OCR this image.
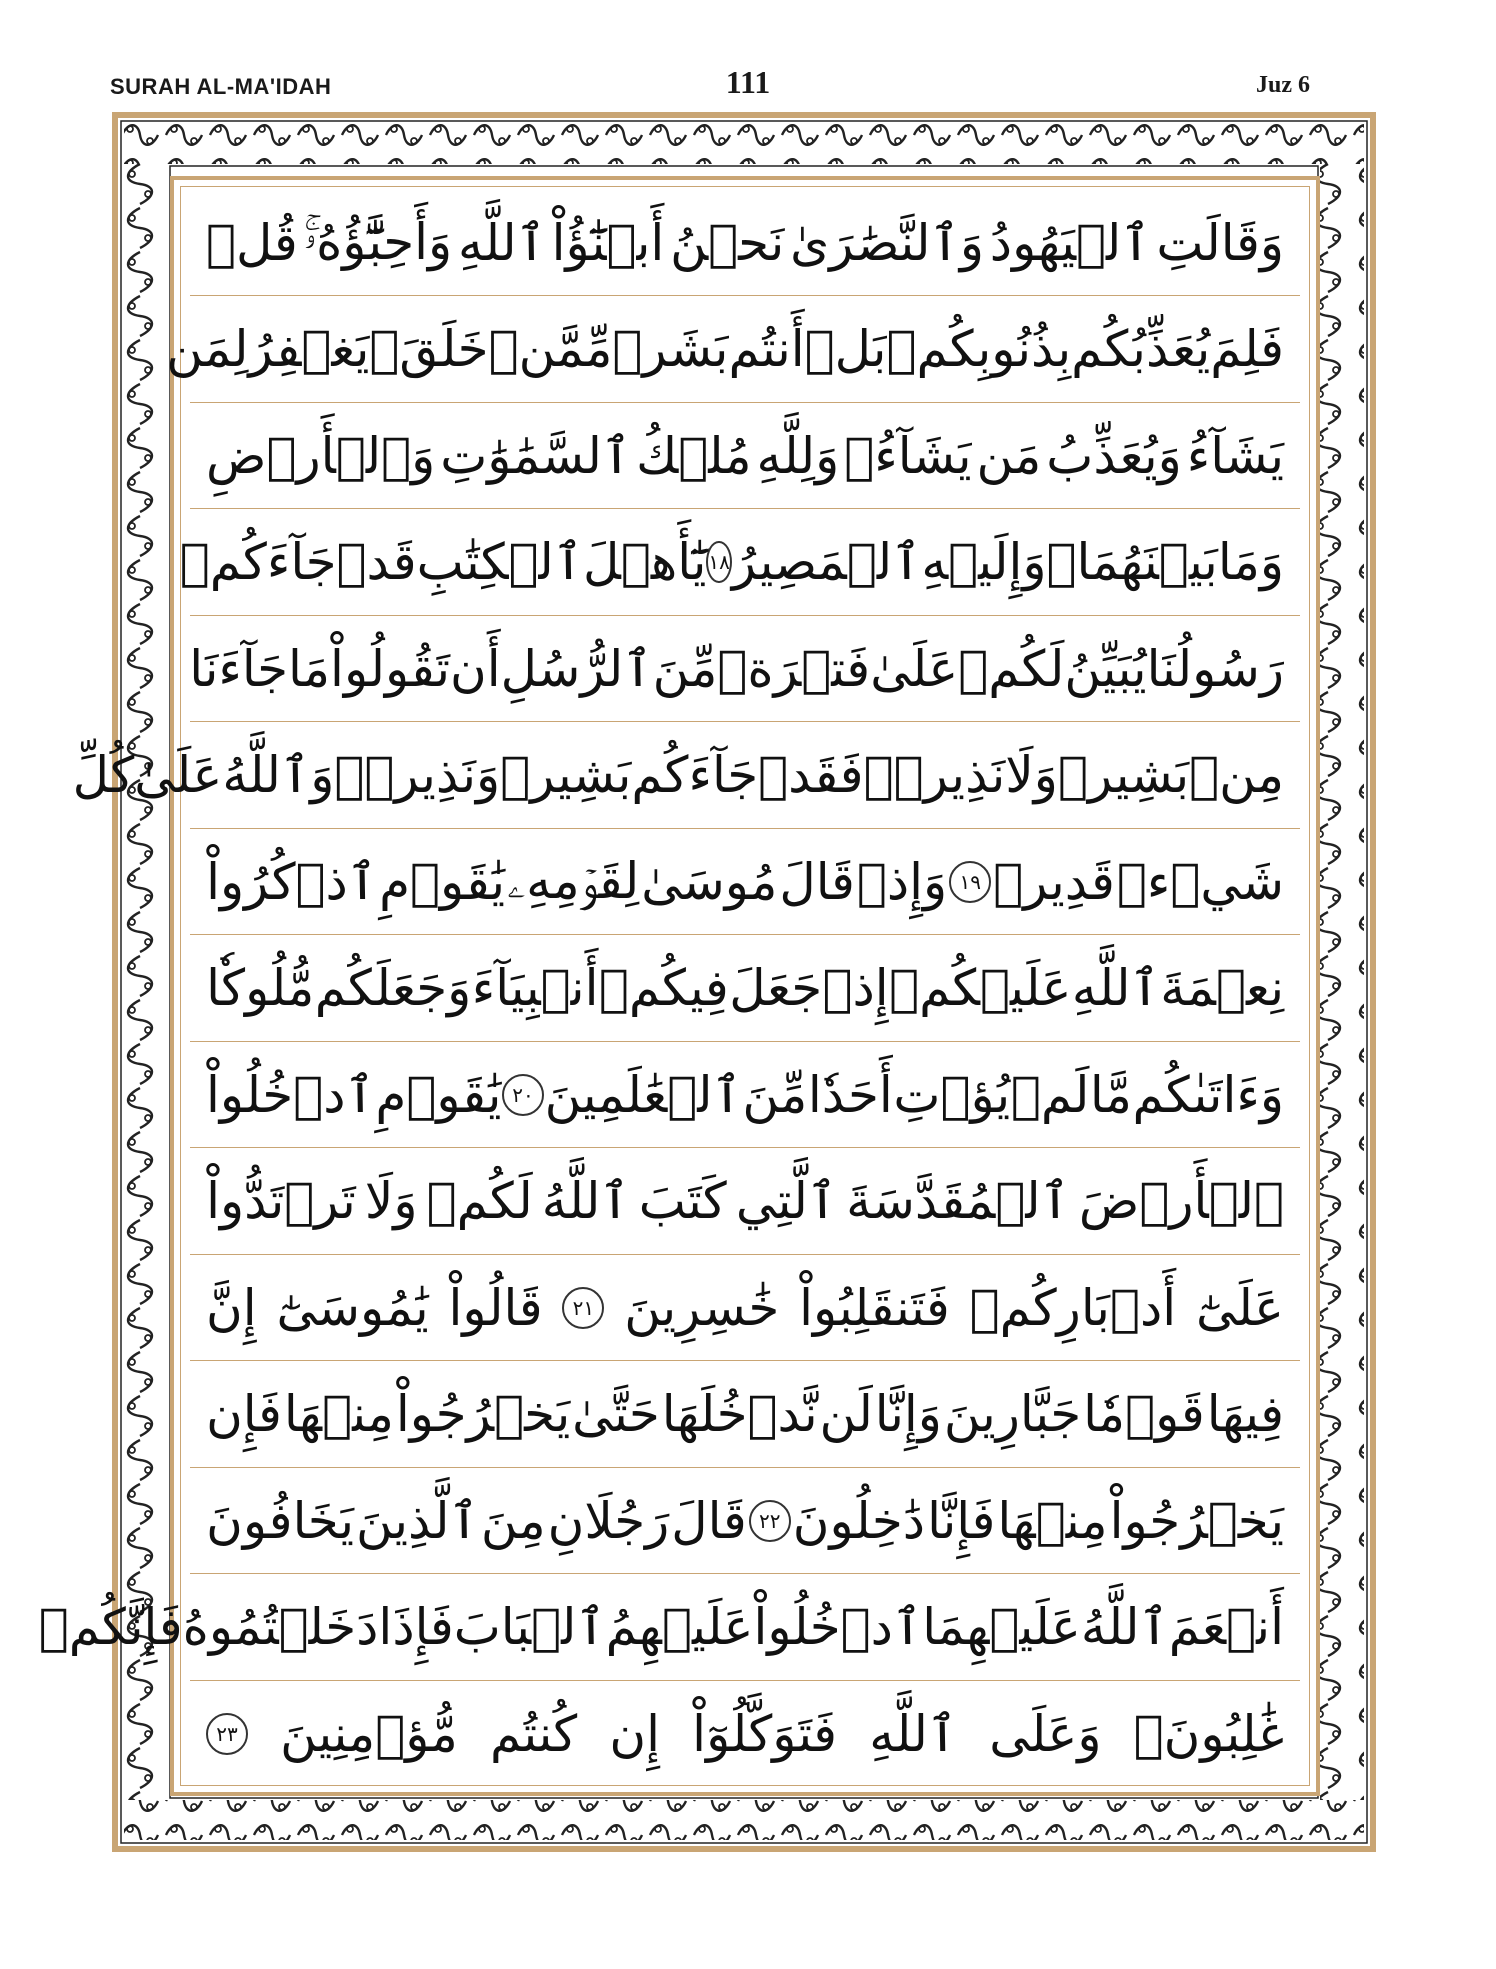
SURAH AL-MA'IDAH	111	Juz 6
وَقَالَتِ
ٱلۡيَهُودُ
وَٱلنَّصَٰرَىٰ
نَحۡنُ
أَبۡنَٰٓؤُاْ
ٱللَّهِ
وَأَحِبَّٰٓؤُهُۥۚ
قُلۡ
فَلِمَ
يُعَذِّبُكُم
بِذُنُوبِكُمۖ
بَلۡ
أَنتُم
بَشَرٞ
مِّمَّنۡ
خَلَقَۚ
يَغۡفِرُ
لِمَن
يَشَآءُ
وَيُعَذِّبُ
مَن
يَشَآءُۚ
وَلِلَّهِ
مُلۡكُ
ٱلسَّمَٰوَٰتِ
وَٱلۡأَرۡضِ
وَمَا
بَيۡنَهُمَاۖ
وَإِلَيۡهِ
ٱلۡمَصِيرُ
١٨
يَٰٓأَهۡلَ
ٱلۡكِتَٰبِ
قَدۡ
جَآءَكُمۡ
رَسُولُنَا
يُبَيِّنُ
لَكُمۡ
عَلَىٰ
فَتۡرَةٖ
مِّنَ
ٱلرُّسُلِ
أَن
تَقُولُواْ
مَا
جَآءَنَا
مِنۢ
بَشِيرٖ
وَلَا
نَذِيرٖۖ
فَقَدۡ
جَآءَكُم
بَشِيرٞ
وَنَذِيرٞۗ
وَٱللَّهُ
عَلَىٰ
كُلِّ
شَيۡءٖ
قَدِيرٞ
١٩
وَإِذۡ
قَالَ
مُوسَىٰ
لِقَوۡمِهِۦ
يَٰقَوۡمِ
ٱذۡكُرُواْ
نِعۡمَةَ
ٱللَّهِ
عَلَيۡكُمۡ
إِذۡ
جَعَلَ
فِيكُمۡ
أَنۢبِيَآءَ
وَجَعَلَكُم
مُّلُوكٗا
وَءَاتَىٰكُم
مَّا
لَمۡ
يُؤۡتِ
أَحَدٗا
مِّنَ
ٱلۡعَٰلَمِينَ
٢٠
يَٰقَوۡمِ
ٱدۡخُلُواْ
ٱلۡأَرۡضَ
ٱلۡمُقَدَّسَةَ
ٱلَّتِي
كَتَبَ
ٱللَّهُ
لَكُمۡ
وَلَا
تَرۡتَدُّواْ
عَلَىٰٓ
أَدۡبَارِكُمۡ
فَتَنقَلِبُواْ
خَٰسِرِينَ
٢١
قَالُواْ
يَٰمُوسَىٰٓ
إِنَّ
فِيهَا
قَوۡمٗا
جَبَّارِينَ
وَإِنَّا
لَن
نَّدۡخُلَهَا
حَتَّىٰ
يَخۡرُجُواْ
مِنۡهَا
فَإِن
يَخۡرُجُواْ
مِنۡهَا
فَإِنَّا
دَٰخِلُونَ
٢٢
قَالَ
رَجُلَانِ
مِنَ
ٱلَّذِينَ
يَخَافُونَ
أَنۡعَمَ
ٱللَّهُ
عَلَيۡهِمَا
ٱدۡخُلُواْ
عَلَيۡهِمُ
ٱلۡبَابَ
فَإِذَا
دَخَلۡتُمُوهُ
فَإِنَّكُمۡ
غَٰلِبُونَۚ
وَعَلَى
ٱللَّهِ
فَتَوَكَّلُوٓاْ
إِن
كُنتُم
مُّؤۡمِنِينَ
٢٣
